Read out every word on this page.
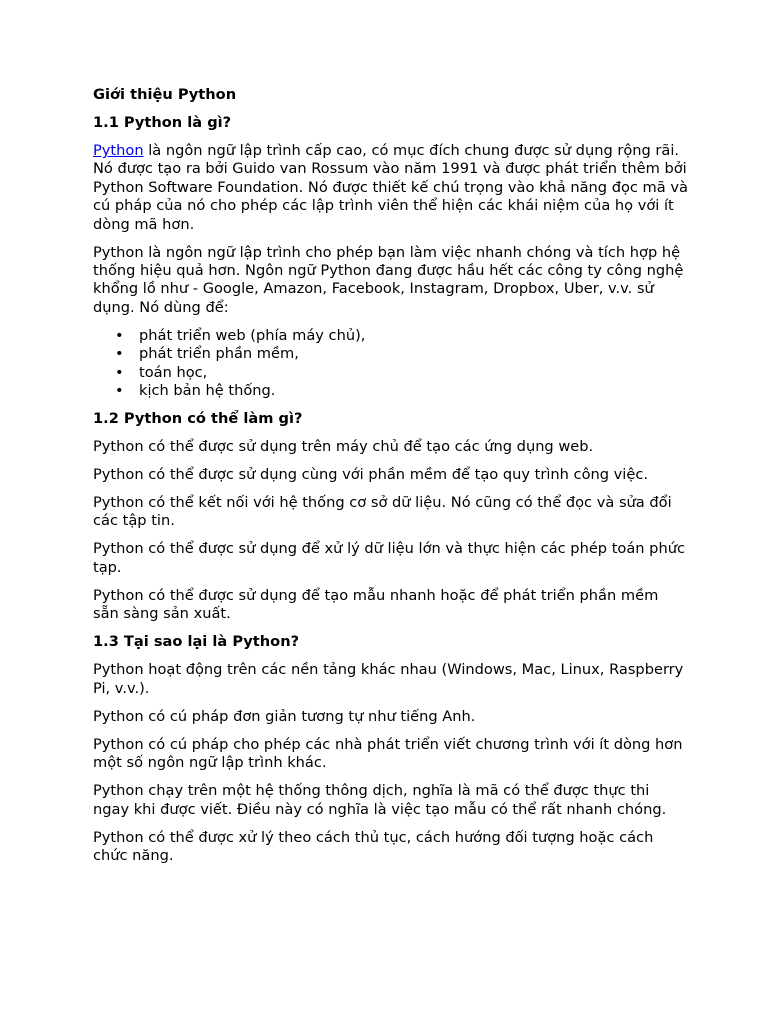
Giới thiệu Python
1.1 Python là gì?

Python là ngôn ngữ lập trình cấp cao, có mục đích chung được sử dụng rộng rãi. Nó được tạo ra bởi Guido van Rossum vào năm 1991 và được phát triển thêm bởi Python Software Foundation. Nó được thiết kế chú trọng vào khả năng đọc mã và cú pháp của nó cho phép các lập trình viên thể hiện các khái niệm của họ với ít dòng mã hơn.

Python là ngôn ngữ lập trình cho phép bạn làm việc nhanh chóng và tích hợp hệ thống hiệu quả hơn. Ngôn ngữ Python đang được hầu hết các công ty công nghệ khổng lồ như - Google, Amazon, Facebook, Instagram, Dropbox, Uber, v.v. sử dụng. Nó dùng để:

• phát triển web (phía máy chủ),
• phát triển phần mềm,
• toán học,
• kịch bản hệ thống.
1.2 Python có thể làm gì?

Python có thể được sử dụng trên máy chủ để tạo các ứng dụng web.

Python có thể được sử dụng cùng với phần mềm để tạo quy trình công việc.

Python có thể kết nối với hệ thống cơ sở dữ liệu. Nó cũng có thể đọc và sửa đổi các tập tin.

Python có thể được sử dụng để xử lý dữ liệu lớn và thực hiện các phép toán phức tạp.

Python có thể được sử dụng để tạo mẫu nhanh hoặc để phát triển phần mềm sẵn sàng sản xuất.

1.3 Tại sao lại là Python?

Python hoạt động trên các nền tảng khác nhau (Windows, Mac, Linux, Raspberry Pi, v.v.).

Python có cú pháp đơn giản tương tự như tiếng Anh.

Python có cú pháp cho phép các nhà phát triển viết chương trình với ít dòng hơn một số ngôn ngữ lập trình khác.

Python chạy trên một hệ thống thông dịch, nghĩa là mã có thể được thực thi ngay khi được viết. Điều này có nghĩa là việc tạo mẫu có thể rất nhanh chóng.

Python có thể được xử lý theo cách thủ tục, cách hướng đối tượng hoặc cách chức năng.
